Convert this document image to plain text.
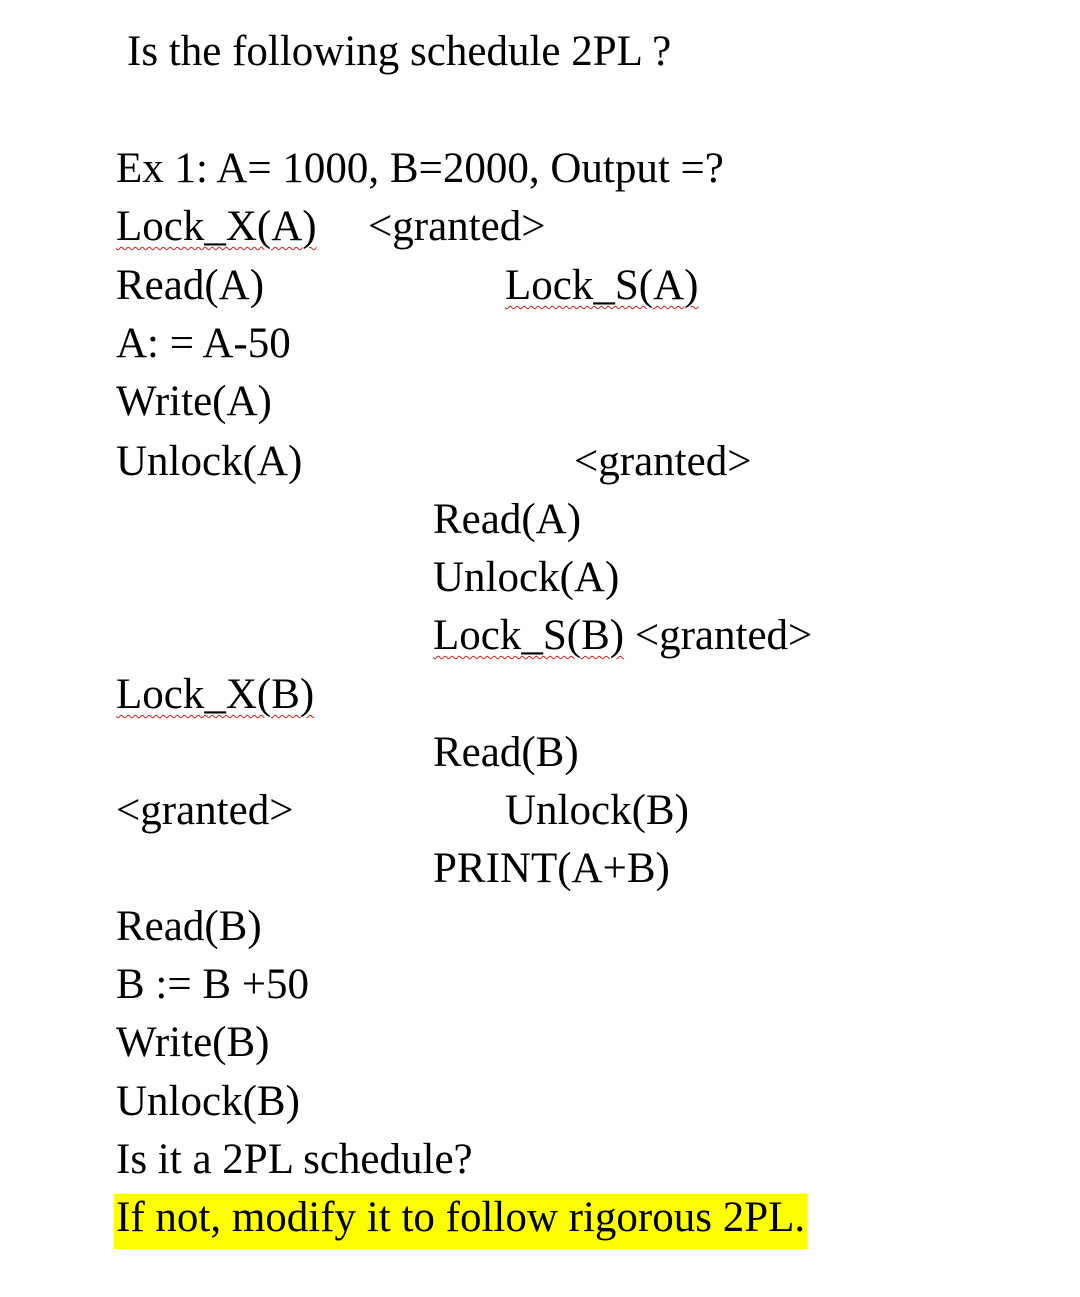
Is the following schedule 2PL ?
Ex 1: A= 1000, B=2000, Output =?
Lock_X(A) <granted>
Read(A)	Lock_S(A)
A: = A-50
Write(A)
Unlock(A)	<granted>
Read(A)
Unlock(A)
Lock_S(B) <granted>
Lock_X(B)
Read(B)
<granted>	Unlock(B)
PRINT(A+B)
Read(B)
B := B +50
Write(B)
Unlock(B)
Is it a 2PL schedule?
If not, modify it to follow rigorous 2PL.
